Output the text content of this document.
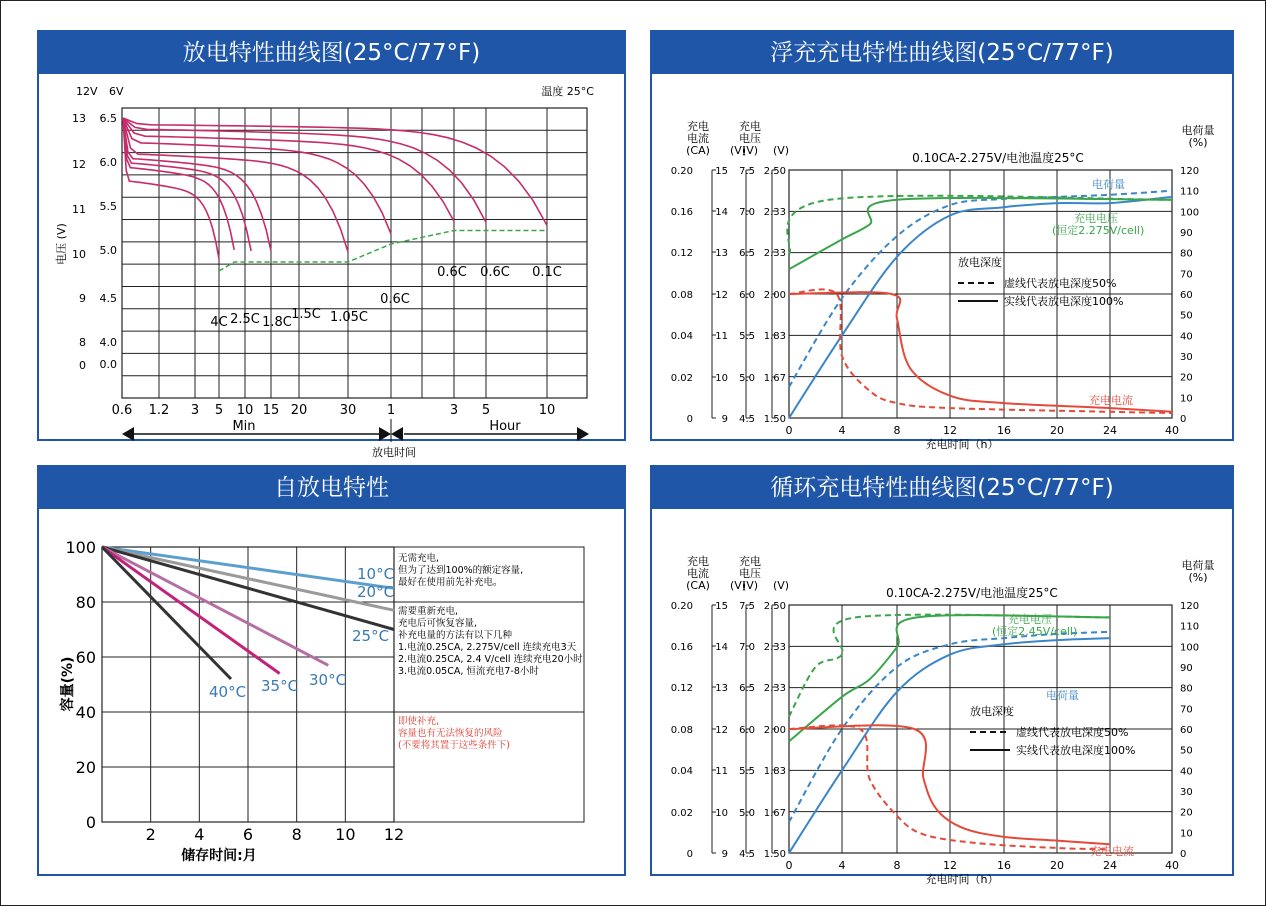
放电特性曲线图(25°C/77°F)
12V 6V	温度 25°C
13
12
11
10
9
8
0
6.5
6.0
5.5
5.0
4.5
4.0
0.0
电压 (V)
0.6 1.2 3 5 10 15 20 30 1	3 5	10
Min	Hour
放电时间
4C 2.5C 1.8C
1.5C 1.05C
0.6C
0.6C 0.6C 0.1C
浮充充电特性曲线图(25°C/77°F)
充电
电流
(CA)
充电
电压
(V) (V)
(V)
电荷量
(%)
0.20
0.16
0.12
0.08
0.04
0.02
0
15
14
13
12
11
10
9
7.5
7.0
6.5
6.0
5.5
5.0
4.5
2.50
2.33
2.33
2.00
1.83
1.67
1.50
120
110
100
90
80
70
60
50
40
30
20
10
0
0	4	8	12	16	20	24	40
充电时间（h）
0.10CA-2.275V/电池温度25°C
电荷量
充电电压
(恒定2.275V/cell)
充电电流
放电深度
虚线代表放电深度50%
实线代表放电深度100%
自放电特性
100
80
60
40
20
0
2 4 6 8 10 12
储存时间:月
容量(%)
10°C
20°C
25°C
30°C
35°C
40°C
无需充电,
但为了达到100%的额定容量,
最好在使用前先补充电。
需要重新充电,
充电后可恢复容量,
补充电量的方法有以下几种
1.电流0.25CA, 2.275V/cell 连续充电3天
2.电流0.25CA, 2.4 V/cell 连续充电20小时
3.电流0.05CA, 恒流充电7-8小时
即使补充,
容量也有无法恢复的风险
(不要将其置于这些条件下)
循环充电特性曲线图(25°C/77°F)
充电
电流
(CA)
充电
电压
(V) (V)
(V)
电荷量
(%)
0.20
0.16
0.12
0.08
0.04
0.02
0
15
14
13
12
11
10
9
7.5
7.0
6.5
6.0
5.5
5.0
4.5
2.50
2.33
2.33
2.00
1.83
1.67
1.50
120
110
100
90
80
70
60
50
40
30
20
10
0
0	4	8	12	16	20	24	40
充电时间（h）
0.10CA-2.275V/电池温度25°C
电荷量
充电电压
(恒定2.45V/cell)
充电电流
放电深度
虚线代表放电深度50%
实线代表放电深度100%
